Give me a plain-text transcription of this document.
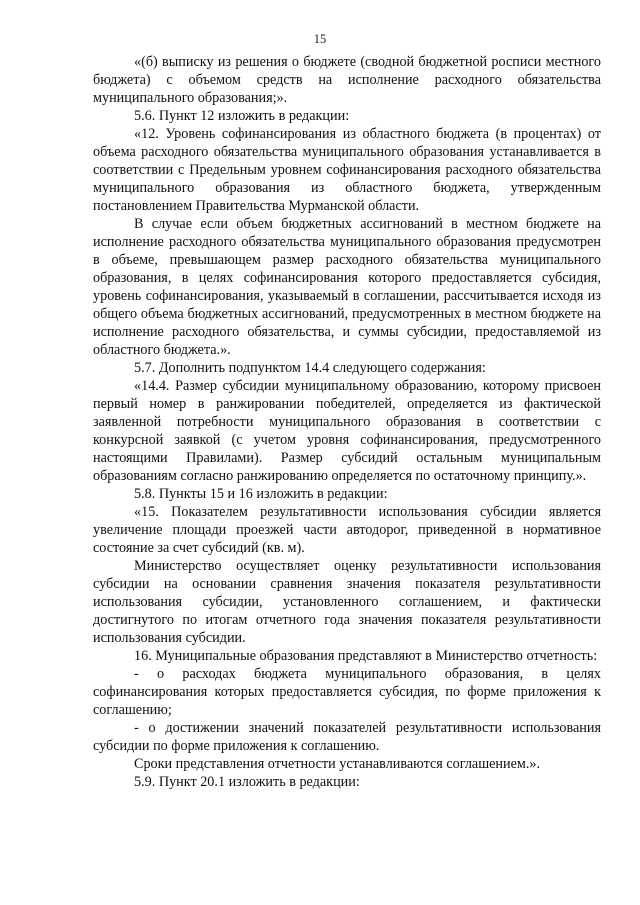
15

«(б) выписку из решения о бюджете (сводной бюджетной росписи местного бюджета) с объемом средств на исполнение расходного обязательства муниципального образования;».

5.6. Пункт 12 изложить в редакции:

«12. Уровень софинансирования из областного бюджета (в процентах) от объема расходного обязательства муниципального образования устанавливается в соответствии с Предельным уровнем софинансирования расходного обязательства муниципального образования из областного бюджета, утвержденным постановлением Правительства Мурманской области.

В случае если объем бюджетных ассигнований в местном бюджете на исполнение расходного обязательства муниципального образования предусмотрен в объеме, превышающем размер расходного обязательства муниципального образования, в целях софинансирования которого предоставляется субсидия, уровень софинансирования, указываемый в соглашении, рассчитывается исходя из общего объема бюджетных ассигнований, предусмотренных в местном бюджете на исполнение расходного обязательства, и суммы субсидии, предоставляемой из областного бюджета.».

5.7. Дополнить подпунктом 14.4 следующего содержания:

«14.4. Размер субсидии муниципальному образованию, которому присвоен первый номер в ранжировании победителей, определяется из фактической заявленной потребности муниципального образования в соответствии с конкурсной заявкой (с учетом уровня софинансирования, предусмотренного настоящими Правилами). Размер субсидий остальным муниципальным образованиям согласно ранжированию определяется по остаточному принципу.».

5.8. Пункты 15 и 16 изложить в редакции:

«15. Показателем результативности использования субсидии является увеличение площади проезжей части автодорог, приведенной в нормативное состояние за счет субсидий (кв. м).

Министерство осуществляет оценку результативности использования субсидии на основании сравнения значения показателя результативности использования субсидии, установленного соглашением, и фактически достигнутого по итогам отчетного года значения показателя результативности использования субсидии.

16. Муниципальные образования представляют в Министерство отчетность:

- о расходах бюджета муниципального образования, в целях софинансирования которых предоставляется субсидия, по форме приложения к соглашению;

- о достижении значений показателей результативности использования субсидии по форме приложения к соглашению.

Сроки представления отчетности устанавливаются соглашением.».

5.9. Пункт 20.1 изложить в редакции:
